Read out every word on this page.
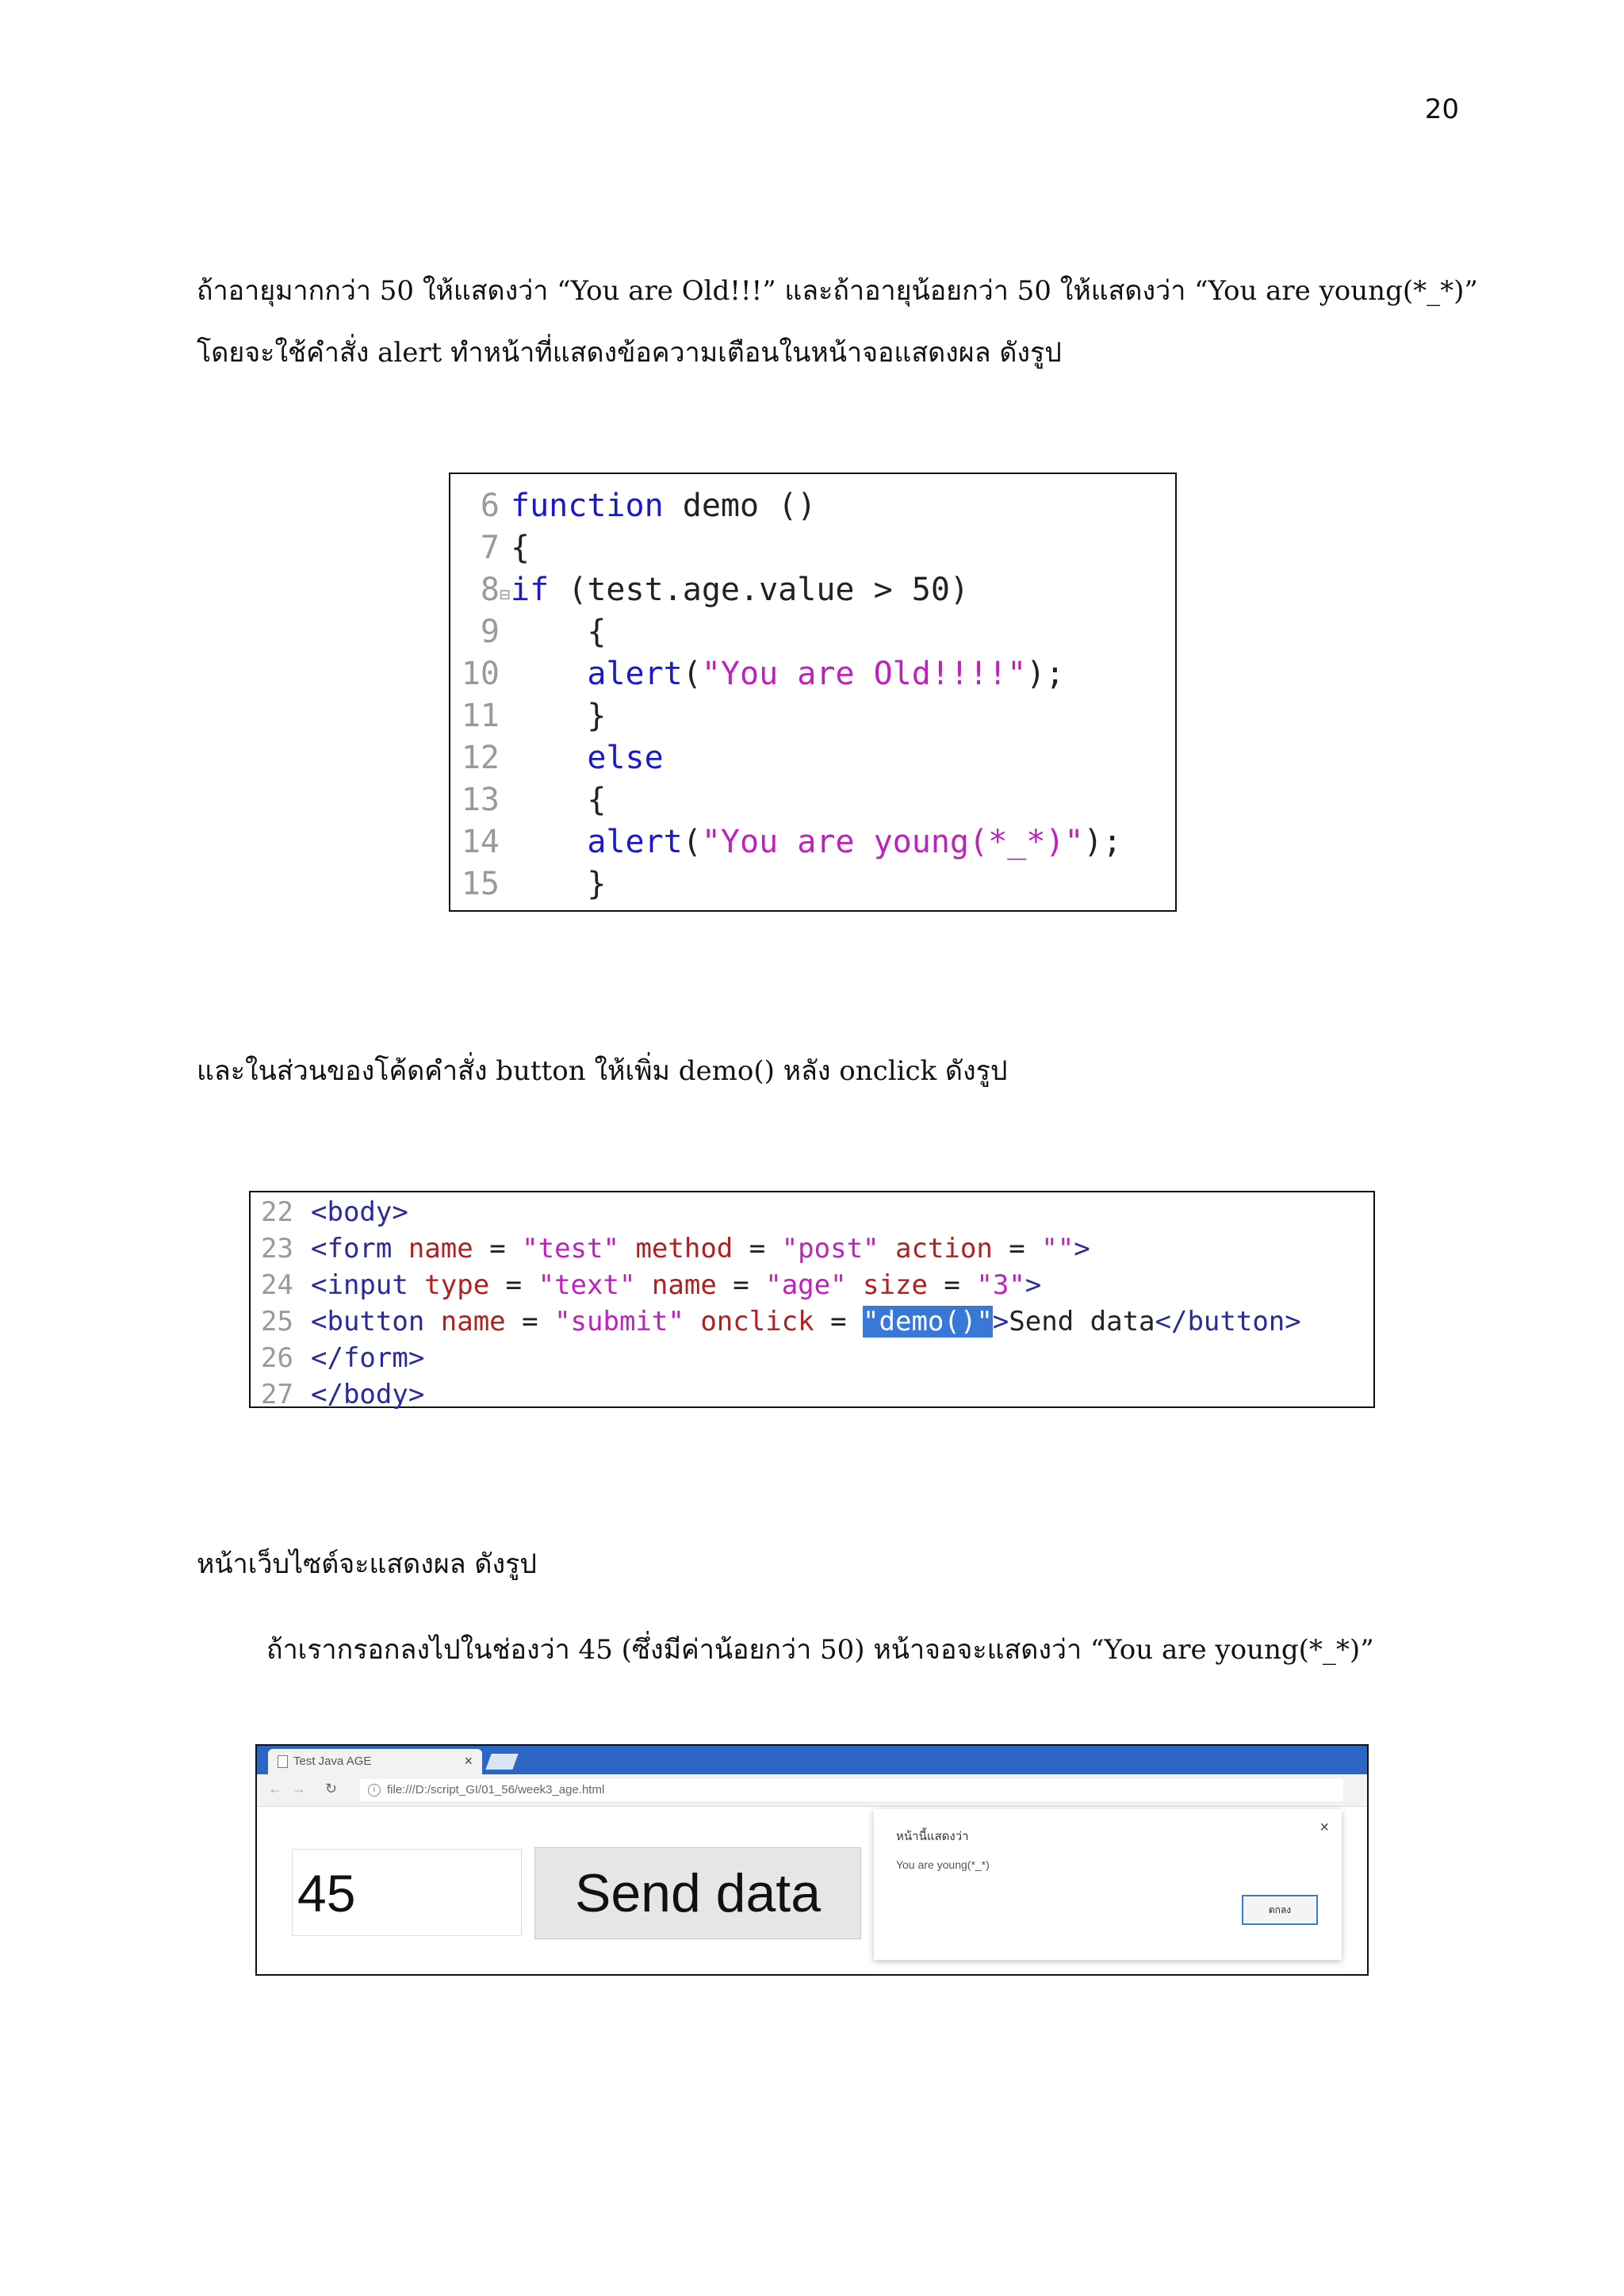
20
ถ้าอายุมากกว่า 50 ให้แสดงว่า “You are Old!!!” และถ้าอายุน้อยกว่า 50 ให้แสดงว่า “You are young(*_*)”
โดยจะใช้คำสั่ง alert ทำหน้าที่แสดงข้อความเตือนในหน้าจอแสดงผล ดังรูป
6 function demo ()
7 {
8⊟if (test.age.value > 50)
9    {
10    alert("You are Old!!!!");
11    }
12    else
13    {
14    alert("You are young(*_*)");
15    }
และในส่วนของโค้ดคำสั่ง button ให้เพิ่ม demo() หลัง onclick ดังรูป
22 <body>
23 <form name = "test" method = "post" action = "">
24 <input type = "text" name = "age" size = "3">
25 <button name = "submit" onclick = "demo()">Send data</button>
26 </form>
27 </body>
หน้าเว็บไซต์จะแสดงผล ดังรูป
ถ้าเรากรอกลงไปในช่องว่า 45 (ซึ่งมีค่าน้อยกว่า 50) หน้าจอจะแสดงว่า “You are young(*_*)”
Test Java AGE	×
← → ↻	i file:///D:/script_GI/01_56/week3_age.html
45	Send data
หน้านี้แสดงว่า
×
You are young(*_*)
ตกลง
